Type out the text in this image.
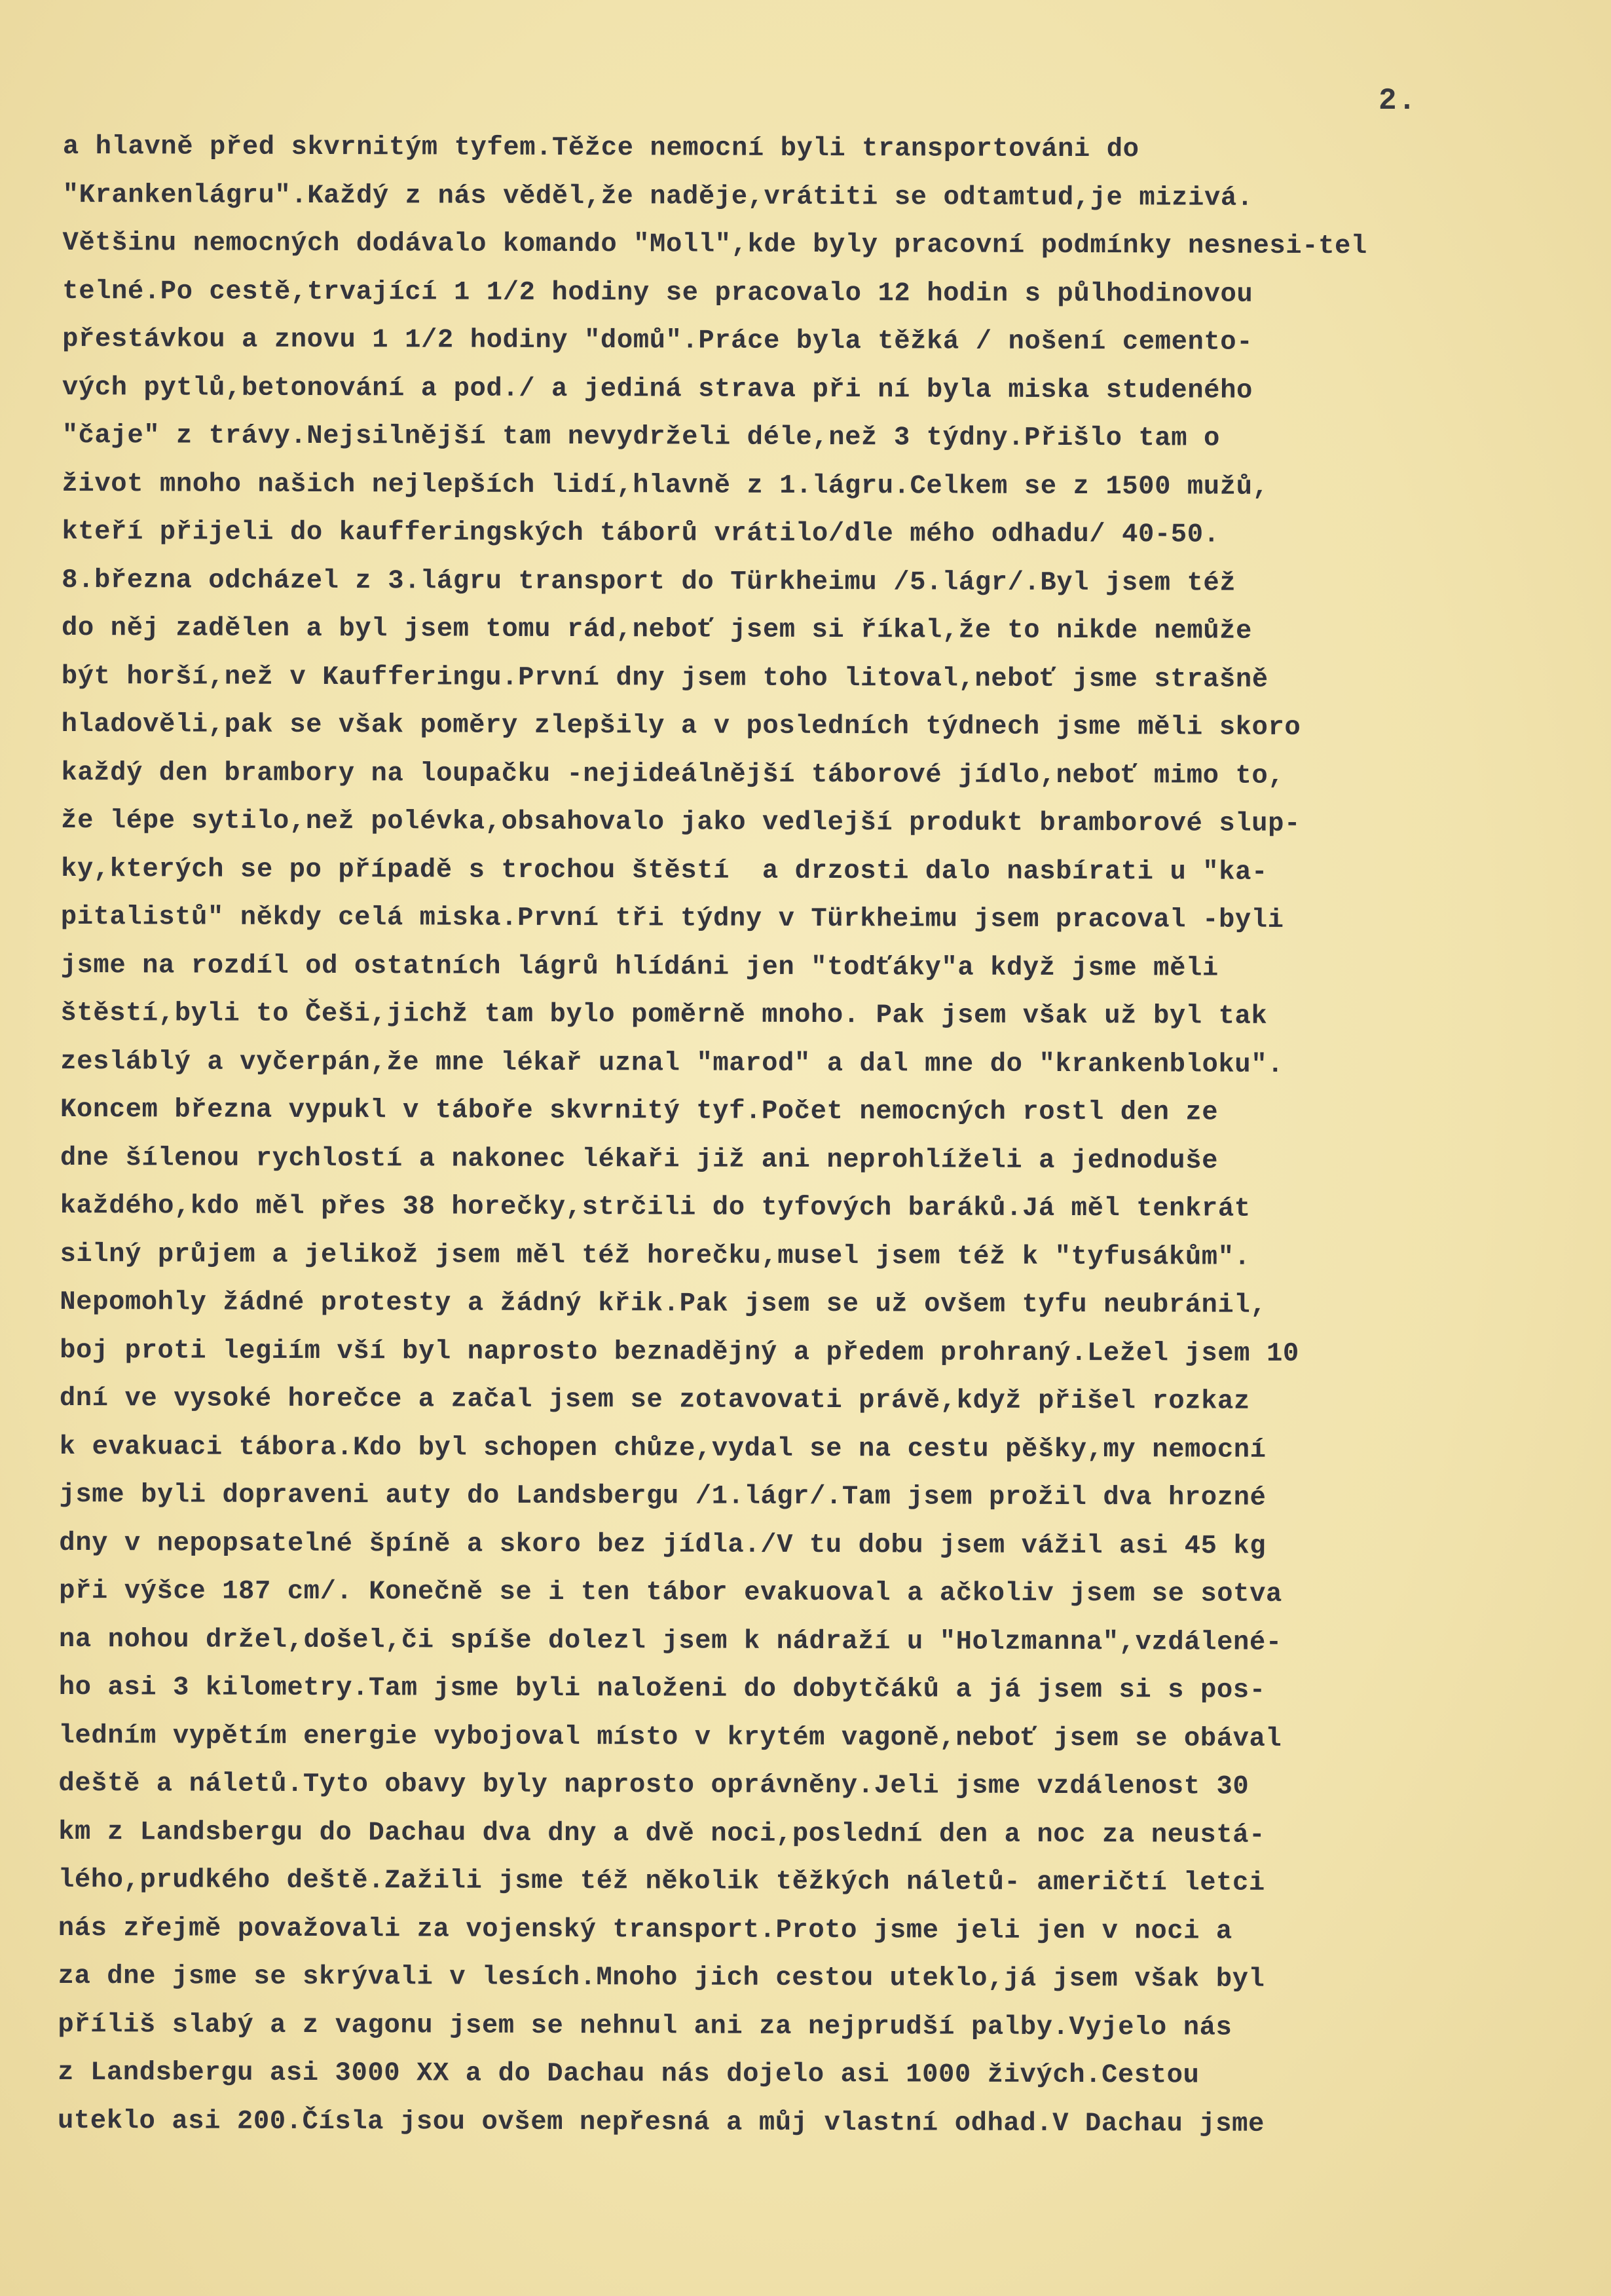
2.
a hlavně před skvrnitým tyfem.Těžce nemocní byli transportováni do
"Krankenlágru".Každý z nás věděl,že naděje,vrátiti se odtamtud,je mizivá.
Většinu nemocných dodávalo komando "Moll",kde byly pracovní podmínky nesnesi-tel
telné.Po cestě,trvající 1 1/2 hodiny se pracovalo 12 hodin s půlhodinovou
přestávkou a znovu 1 1/2 hodiny "domů".Práce byla těžká / nošení cemento-
vých pytlů,betonování a pod./ a jediná strava při ní byla miska studeného
"čaje" z trávy.Nejsilnější tam nevydrželi déle,než 3 týdny.Přišlo tam o
život mnoho našich nejlepších lidí,hlavně z 1.lágru.Celkem se z 1500 mužů,
kteří přijeli do kaufferingských táborů vrátilo/dle mého odhadu/ 40-50.
8.března odcházel z 3.lágru transport do Türkheimu /5.lágr/.Byl jsem též
do něj zadělen a byl jsem tomu rád,neboť jsem si říkal,že to nikde nemůže
být horší,než v Kaufferingu.První dny jsem toho litoval,neboť jsme strašně
hladověli,pak se však poměry zlepšily a v posledních týdnech jsme měli skoro
každý den brambory na loupačku -nejideálnější táborové jídlo,neboť mimo to,
že lépe sytilo,než polévka,obsahovalo jako vedlejší produkt bramborové slup-
ky,kterých se po případě s trochou štěstí  a drzosti dalo nasbírati u "ka-
pitalistů" někdy celá miska.První tři týdny v Türkheimu jsem pracoval -byli
jsme na rozdíl od ostatních lágrů hlídáni jen "todťáky"a když jsme měli
štěstí,byli to Češi,jichž tam bylo poměrně mnoho. Pak jsem však už byl tak
zesláblý a vyčerpán,že mne lékař uznal "marod" a dal mne do "krankenbloku".
Koncem března vypukl v táboře skvrnitý tyf.Počet nemocných rostl den ze
dne šílenou rychlostí a nakonec lékaři již ani neprohlíželi a jednoduše
každého,kdo měl přes 38 horečky,strčili do tyfových baráků.Já měl tenkrát
silný průjem a jelikož jsem měl též horečku,musel jsem též k "tyfusákům".
Nepomohly žádné protesty a žádný křik.Pak jsem se už ovšem tyfu neubránil,
boj proti legiím vší byl naprosto beznadějný a předem prohraný.Ležel jsem 10
dní ve vysoké horečce a začal jsem se zotavovati právě,když přišel rozkaz
k evakuaci tábora.Kdo byl schopen chůze,vydal se na cestu pěšky,my nemocní
jsme byli dopraveni auty do Landsbergu /1.lágr/.Tam jsem prožil dva hrozné
dny v nepopsatelné špíně a skoro bez jídla./V tu dobu jsem vážil asi 45 kg
při výšce 187 cm/. Konečně se i ten tábor evakuoval a ačkoliv jsem se sotva
na nohou držel,došel,či spíše dolezl jsem k nádraží u "Holzmanna",vzdálené-
ho asi 3 kilometry.Tam jsme byli naloženi do dobytčáků a já jsem si s pos-
ledním vypětím energie vybojoval místo v krytém vagoně,neboť jsem se obával
deště a náletů.Tyto obavy byly naprosto oprávněny.Jeli jsme vzdálenost 30
km z Landsbergu do Dachau dva dny a dvě noci,poslední den a noc za neustá-
lého,prudkého deště.Zažili jsme též několik těžkých náletů- američtí letci
nás zřejmě považovali za vojenský transport.Proto jsme jeli jen v noci a
za dne jsme se skrývali v lesích.Mnoho jich cestou uteklo,já jsem však byl
příliš slabý a z vagonu jsem se nehnul ani za nejprudší palby.Vyjelo nás
z Landsbergu asi 3000 XX a do Dachau nás dojelo asi 1000 živých.Cestou
uteklo asi 200.Čísla jsou ovšem nepřesná a můj vlastní odhad.V Dachau jsme
